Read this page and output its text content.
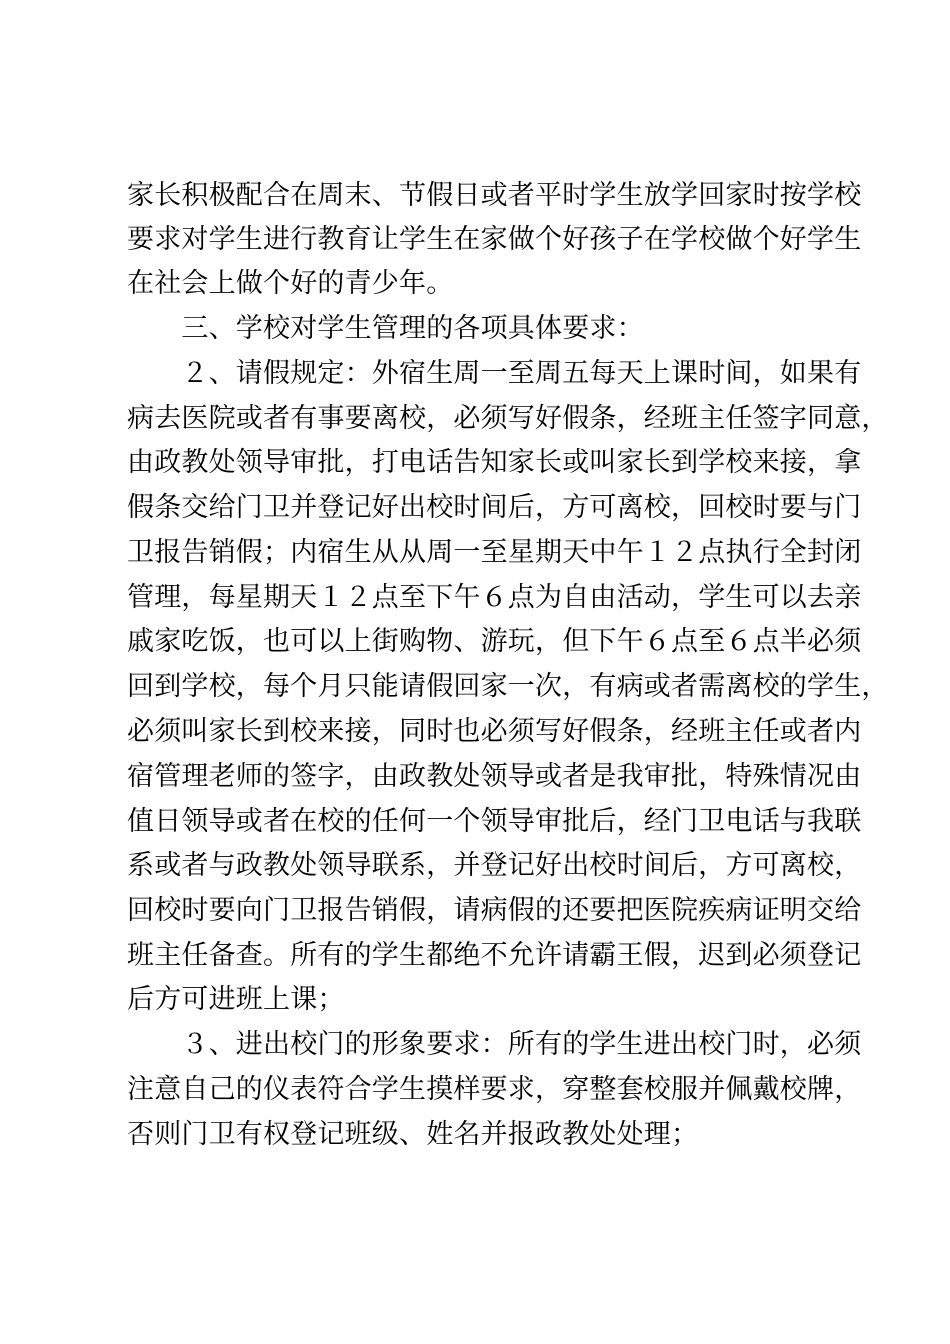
家长积极配合在周末、节假日或者平时学生放学回家时按学校
要求对学生进行教育让学生在家做个好孩子在学校做个好学生
在社会上做个好的青少年。
　　三、学校对学生管理的各项具体要求：
　　２、请假规定：外宿生周一至周五每天上课时间，如果有
病去医院或者有事要离校，必须写好假条，经班主任签字同意，
由政教处领导审批，打电话告知家长或叫家长到学校来接，拿
假条交给门卫并登记好出校时间后，方可离校，回校时要与门
卫报告销假；内宿生从从周一至星期天中午１２点执行全封闭
管理，每星期天１２点至下午６点为自由活动，学生可以去亲
戚家吃饭，也可以上街购物、游玩，但下午６点至６点半必须
回到学校，每个月只能请假回家一次，有病或者需离校的学生，
必须叫家长到校来接，同时也必须写好假条，经班主任或者内
宿管理老师的签字，由政教处领导或者是我审批，特殊情况由
值日领导或者在校的任何一个领导审批后，经门卫电话与我联
系或者与政教处领导联系，并登记好出校时间后，方可离校，
回校时要向门卫报告销假，请病假的还要把医院疾病证明交给
班主任备查。所有的学生都绝不允许请霸王假，迟到必须登记
后方可进班上课；
　　３、进出校门的形象要求：所有的学生进出校门时，必须
注意自己的仪表符合学生摸样要求，穿整套校服并佩戴校牌，
否则门卫有权登记班级、姓名并报政教处处理；
